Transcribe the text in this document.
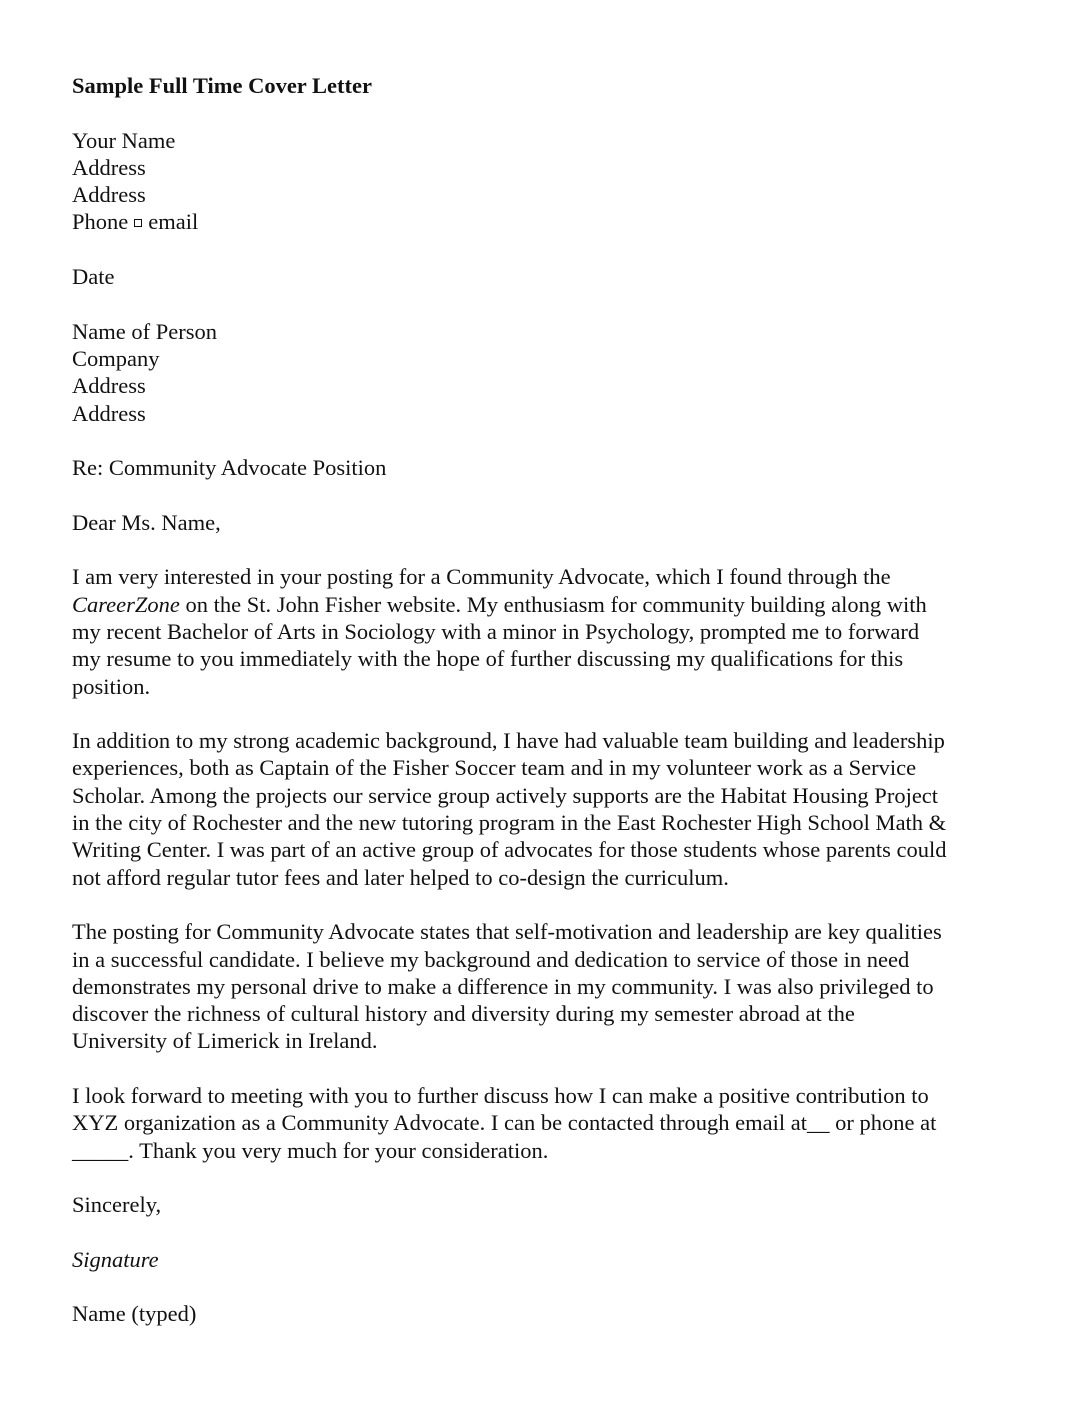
Sample Full Time Cover Letter
Your Name
Address
Address
Phone email
Date
Name of Person
Company
Address
Address
Re: Community Advocate Position
Dear Ms. Name,
I am very interested in your posting for a Community Advocate, which I found through the
CareerZone on the St. John Fisher website. My enthusiasm for community building along with
my recent Bachelor of Arts in Sociology with a minor in Psychology, prompted me to forward
my resume to you immediately with the hope of further discussing my qualifications for this
position.
In addition to my strong academic background, I have had valuable team building and leadership
experiences, both as Captain of the Fisher Soccer team and in my volunteer work as a Service
Scholar. Among the projects our service group actively supports are the Habitat Housing Project
in the city of Rochester and the new tutoring program in the East Rochester High School Math &
Writing Center. I was part of an active group of advocates for those students whose parents could
not afford regular tutor fees and later helped to co-design the curriculum.
The posting for Community Advocate states that self-motivation and leadership are key qualities
in a successful candidate. I believe my background and dedication to service of those in need
demonstrates my personal drive to make a difference in my community. I was also privileged to
discover the richness of cultural history and diversity during my semester abroad at the
University of Limerick in Ireland.
I look forward to meeting with you to further discuss how I can make a positive contribution to
XYZ organization as a Community Advocate. I can be contacted through email at__ or phone at
_____. Thank you very much for your consideration.
Sincerely,
Signature
Name (typed)
